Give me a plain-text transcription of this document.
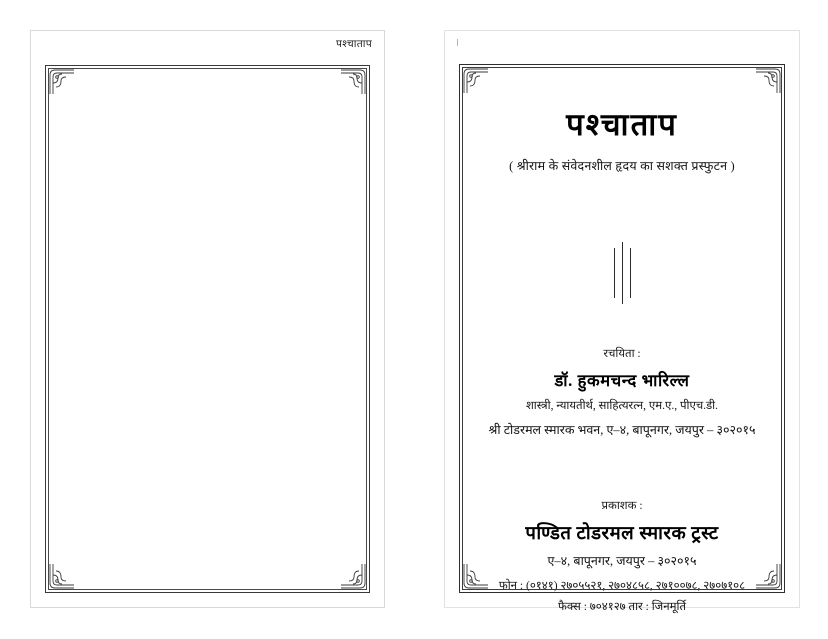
पश्चाताप
पश्चाताप
( श्रीराम के संवेदनशील हृदय का सशक्त प्रस्फुटन )
रचयिता :
डॉ. हुकमचन्द भारिल्ल
शास्त्री, न्यायतीर्थ, साहित्यरत्न, एम.ए., पीएच.डी.
श्री टोडरमल स्मारक भवन, ए–४, बापूनगर, जयपुर – ३०२०१५
प्रकाशक :
पण्डित टोडरमल स्मारक ट्रस्ट
ए–४, बापूनगर, जयपुर – ३०२०१५
फोन : (०१४१) २७०५५२१, २७०४८५८, २७१००७८, २७०७१०८
फैक्स : ७०४१२७ तार : जिनमूर्ति
